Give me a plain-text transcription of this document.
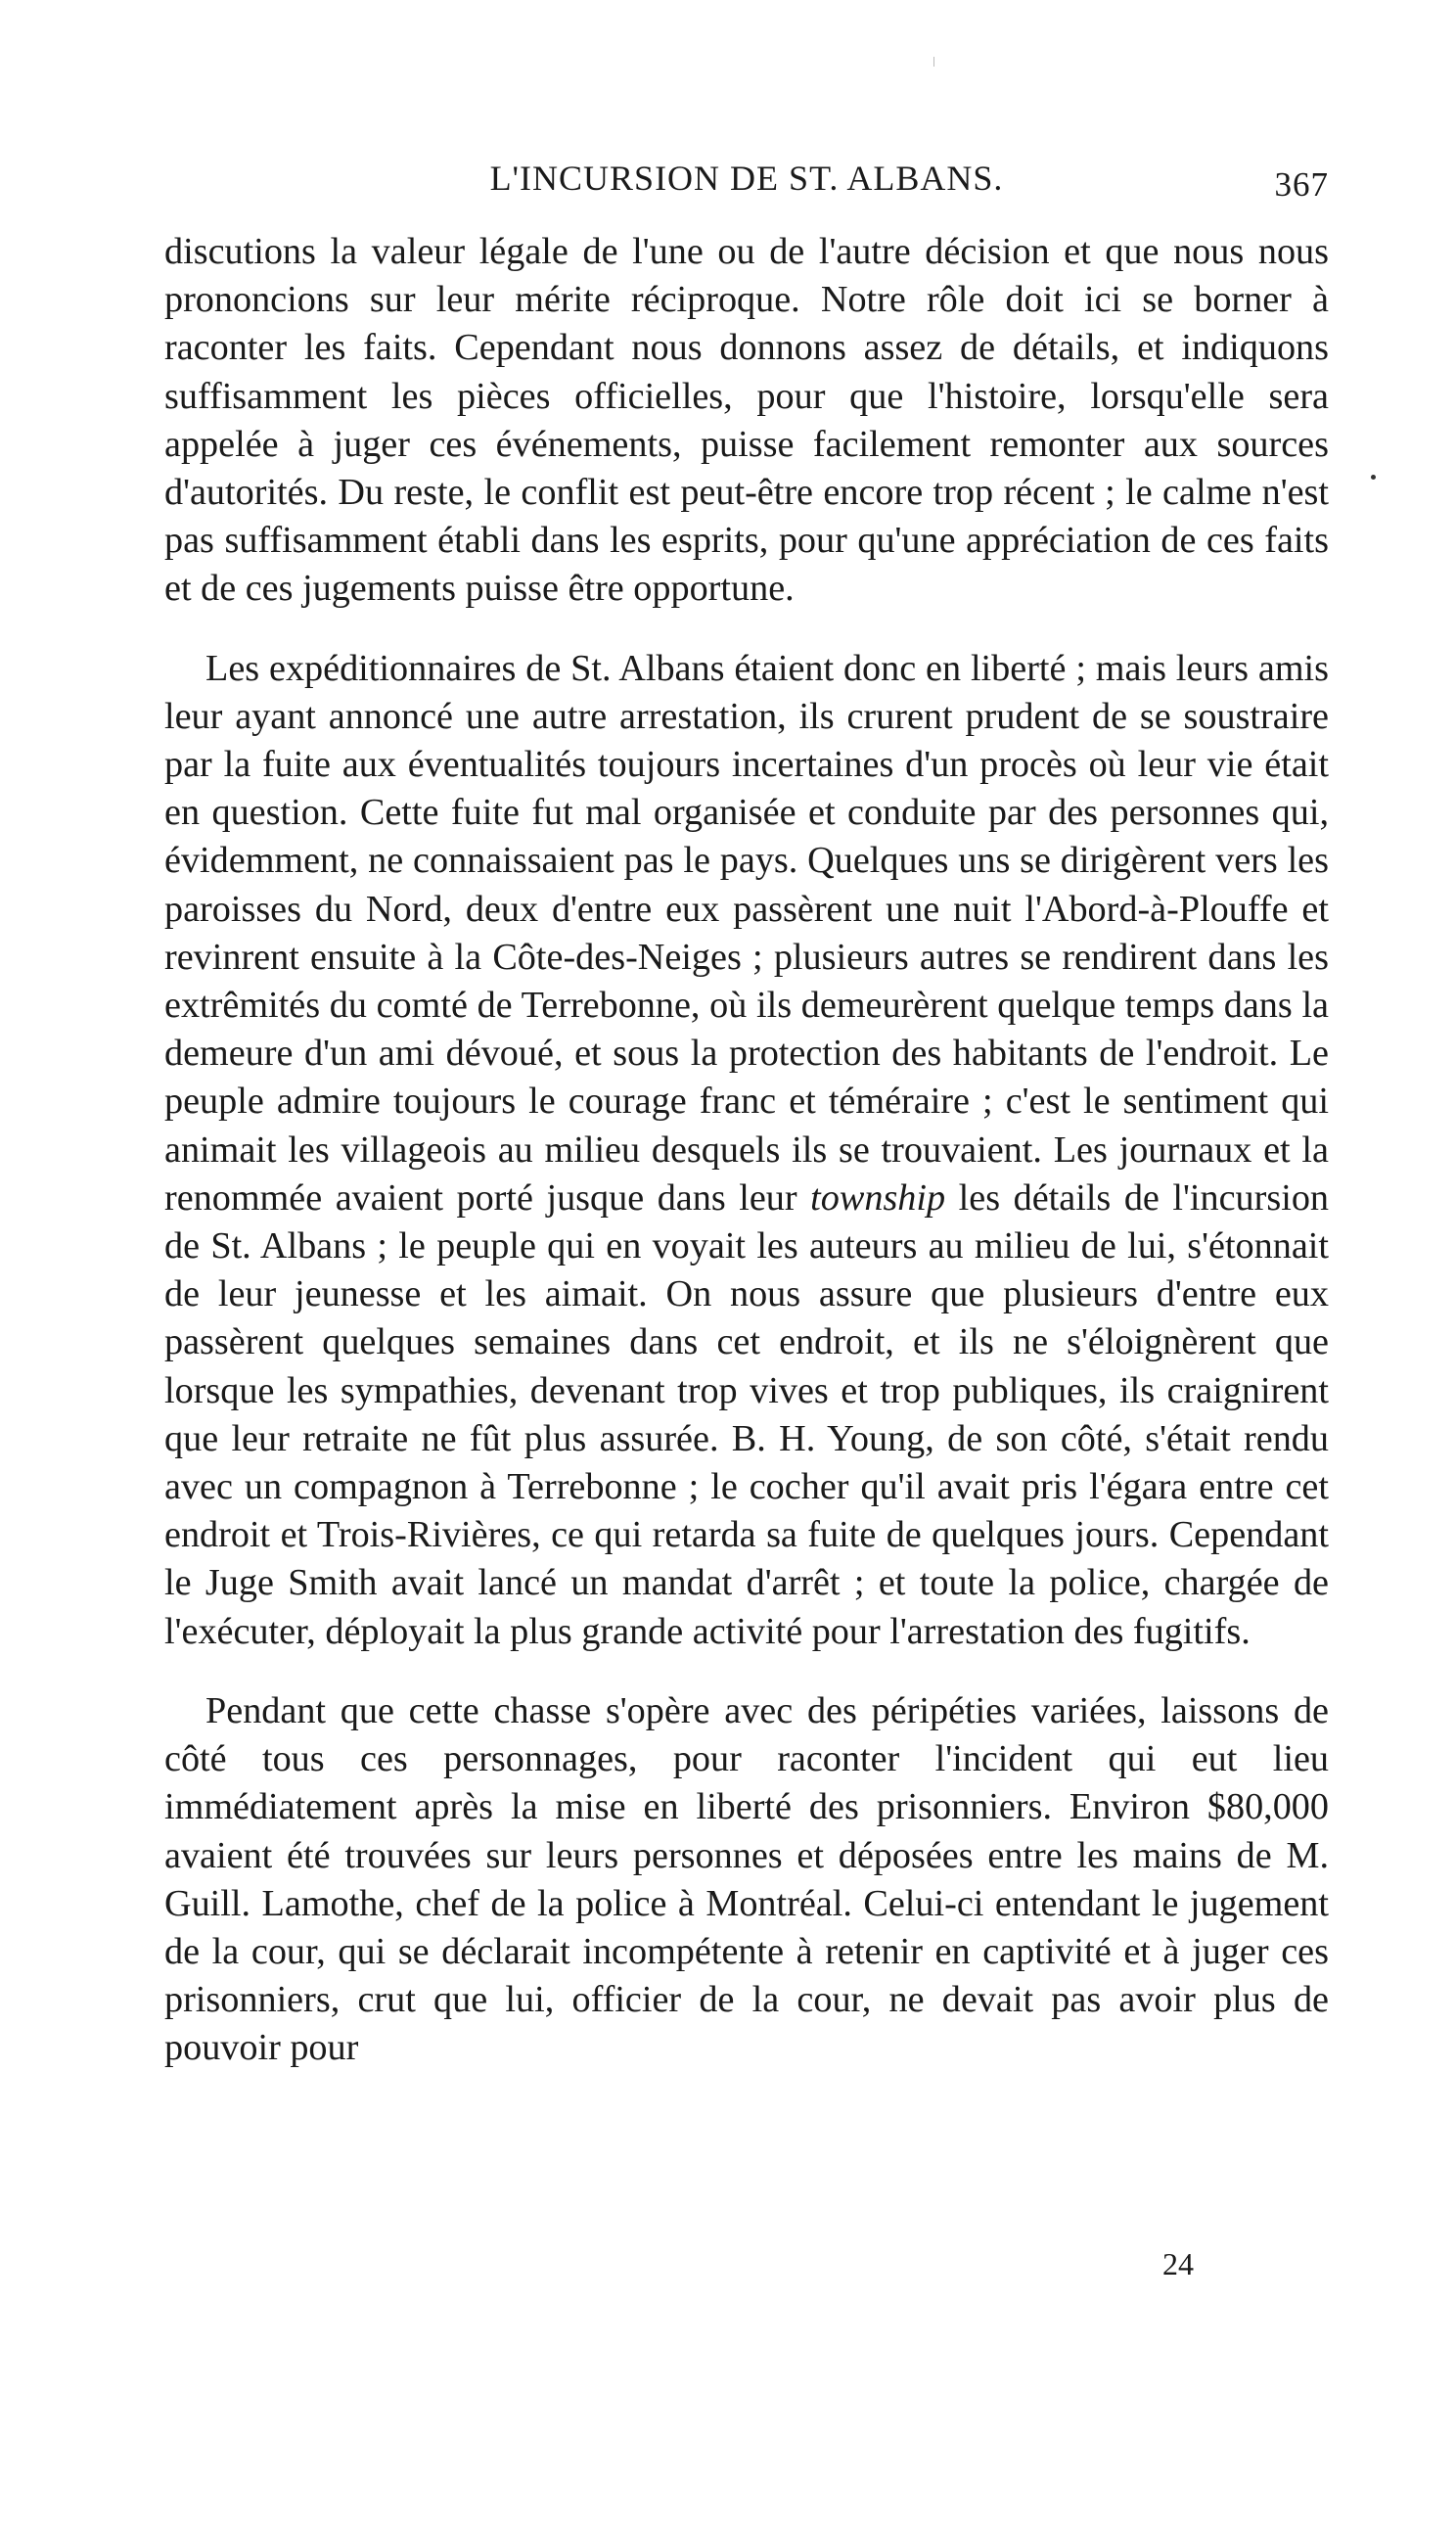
L'INCURSION DE ST. ALBANS.	367

discutions la valeur légale de l'une ou de l'autre décision et que nous nous prononcions sur leur mérite réciproque. Notre rôle doit ici se borner à raconter les faits. Cependant nous donnons assez de détails, et indiquons suffisamment les pièces officielles, pour que l'histoire, lorsqu'elle sera appelée à juger ces événements, puisse facilement remonter aux sources d'autorités. Du reste, le conflit est peut-être encore trop récent ; le calme n'est pas suffisamment établi dans les esprits, pour qu'une appréciation de ces faits et de ces jugements puisse être opportune.

Les expéditionnaires de St. Albans étaient donc en liberté ; mais leurs amis leur ayant annoncé une autre arrestation, ils crurent prudent de se soustraire par la fuite aux éventualités toujours incertaines d'un procès où leur vie était en question. Cette fuite fut mal organisée et conduite par des personnes qui, évidemment, ne connaissaient pas le pays. Quelques uns se dirigèrent vers les paroisses du Nord, deux d'entre eux passèrent une nuit l'Abord-à-Plouffe et revinrent ensuite à la Côte-des-Neiges ; plusieurs autres se rendirent dans les extrêmités du comté de Terrebonne, où ils demeurèrent quelque temps dans la demeure d'un ami dévoué, et sous la protection des habitants de l'endroit. Le peuple admire toujours le courage franc et téméraire ; c'est le sentiment qui animait les villageois au milieu desquels ils se trouvaient. Les journaux et la renommée avaient porté jusque dans leur township les détails de l'incursion de St. Albans ; le peuple qui en voyait les auteurs au milieu de lui, s'étonnait de leur jeunesse et les aimait. On nous assure que plusieurs d'entre eux passèrent quelques semaines dans cet endroit, et ils ne s'éloignèrent que lorsque les sympathies, devenant trop vives et trop publiques, ils craignirent que leur retraite ne fût plus assurée. B. H. Young, de son côté, s'était rendu avec un compagnon à Terrebonne ; le cocher qu'il avait pris l'égara entre cet endroit et Trois-Rivières, ce qui retarda sa fuite de quelques jours. Cependant le Juge Smith avait lancé un mandat d'arrêt ; et toute la police, chargée de l'exécuter, déployait la plus grande activité pour l'arrestation des fugitifs.

Pendant que cette chasse s'opère avec des péripéties variées, laissons de côté tous ces personnages, pour raconter l'incident qui eut lieu immédiatement après la mise en liberté des prisonniers. Environ $80,000 avaient été trouvées sur leurs personnes et déposées entre les mains de M. Guill. Lamothe, chef de la police à Montréal. Celui-ci entendant le jugement de la cour, qui se déclarait incompétente à retenir en captivité et à juger ces prisonniers, crut que lui, officier de la cour, ne devait pas avoir plus de pouvoir pour

24
